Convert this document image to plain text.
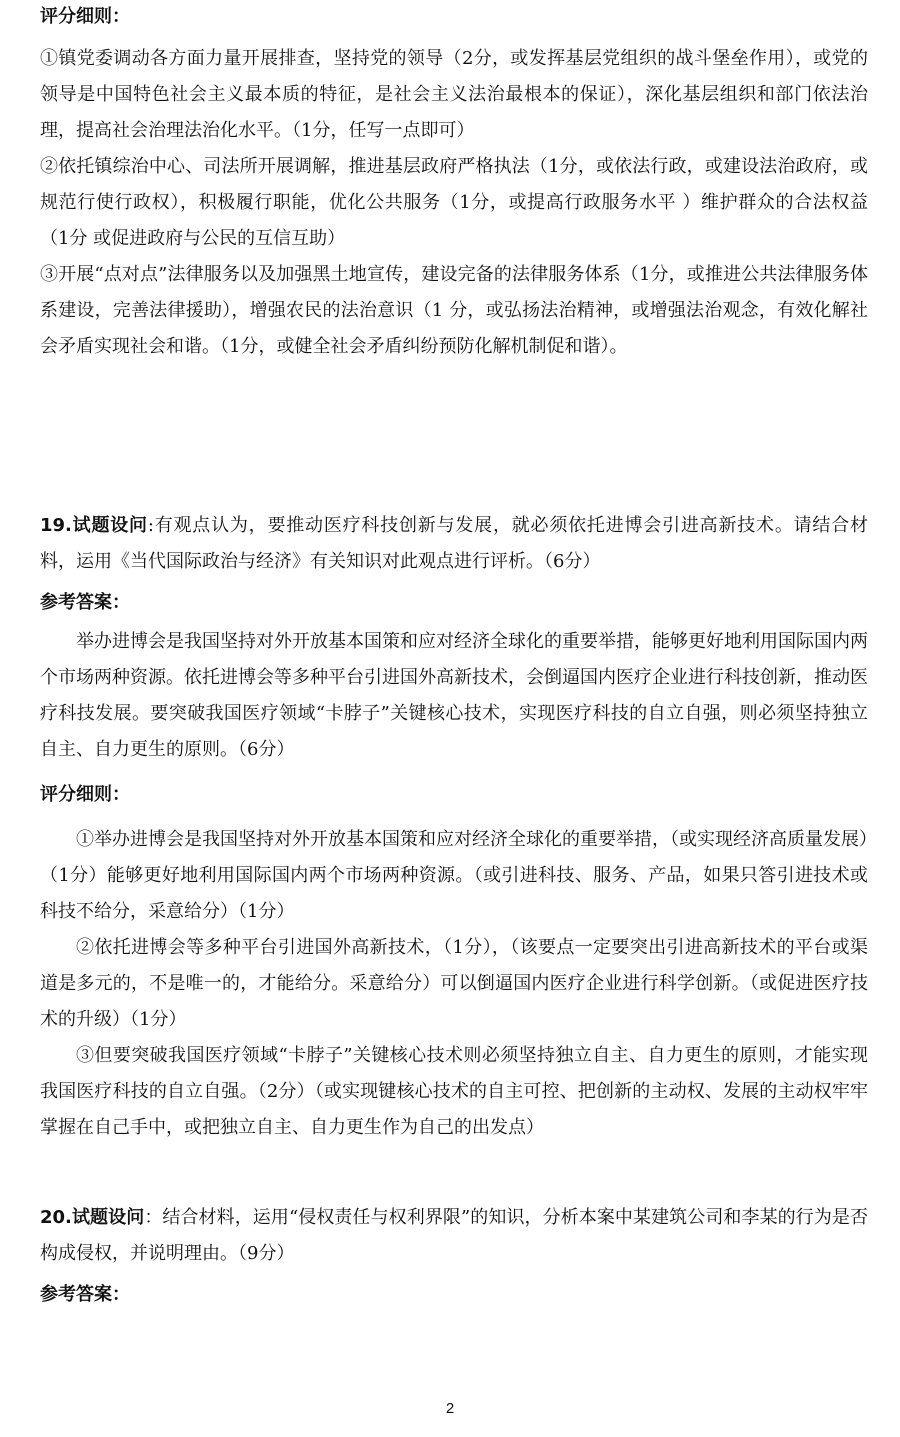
评分细则：

①镇党委调动各方面力量开展排查，坚持党的领导（2分，或发挥基层党组织的战斗堡垒作用），或党的领导是中国特色社会主义最本质的特征，是社会主义法治最根本的保证），深化基层组织和部门依法治理，提高社会治理法治化水平。（1分，任写一点即可）

②依托镇综治中心、司法所开展调解，推进基层政府严格执法（1分，或依法行政，或建设法治政府，或规范行使行政权），积极履行职能，优化公共服务（1分，或提高行政服务水平 ）维护群众的合法权益（1分 或促进政府与公民的互信互助）

③开展“点对点”法律服务以及加强黑土地宣传，建设完备的法律服务体系（1分，或推进公共法律服务体系建设，完善法律援助），增强农民的法治意识（1 分，或弘扬法治精神，或增强法治观念，有效化解社会矛盾实现社会和谐。（1分，或健全社会矛盾纠纷预防化解机制促和谐）。

19.试题设问:有观点认为，要推动医疗科技创新与发展，就必须依托进博会引进高新技术。请结合材料，运用《当代国际政治与经济》有关知识对此观点进行评析。（6分）

参考答案：

举办进博会是我国坚持对外开放基本国策和应对经济全球化的重要举措，能够更好地利用国际国内两个市场两种资源。依托进博会等多种平台引进国外高新技术，会倒逼国内医疗企业进行科技创新，推动医疗科技发展。要突破我国医疗领域“卡脖子”关键核心技术，实现医疗科技的自立自强，则必须坚持独立自主、自力更生的原则。（6分）

评分细则：

①举办进博会是我国坚持对外开放基本国策和应对经济全球化的重要举措，（或实现经济高质量发展）（1分）能够更好地利用国际国内两个市场两种资源。（或引进科技、服务、产品，如果只答引进技术或科技不给分，采意给分）（1分）

②依托进博会等多种平台引进国外高新技术，（1分），（该要点一定要突出引进高新技术的平台或渠道是多元的，不是唯一的，才能给分。采意给分）可以倒逼国内医疗企业进行科学创新。（或促进医疗技术的升级）（1分）

③但要突破我国医疗领域“卡脖子”关键核心技术则必须坚持独立自主、自力更生的原则，才能实现我国医疗科技的自立自强。（2分）（或实现键核心技术的自主可控、把创新的主动权、发展的主动权牢牢掌握在自己手中，或把独立自主、自力更生作为自己的出发点）

20.试题设问：结合材料，运用“侵权责任与权利界限”的知识，分析本案中某建筑公司和李某的行为是否构成侵权，并说明理由。（9分）

参考答案：
2
